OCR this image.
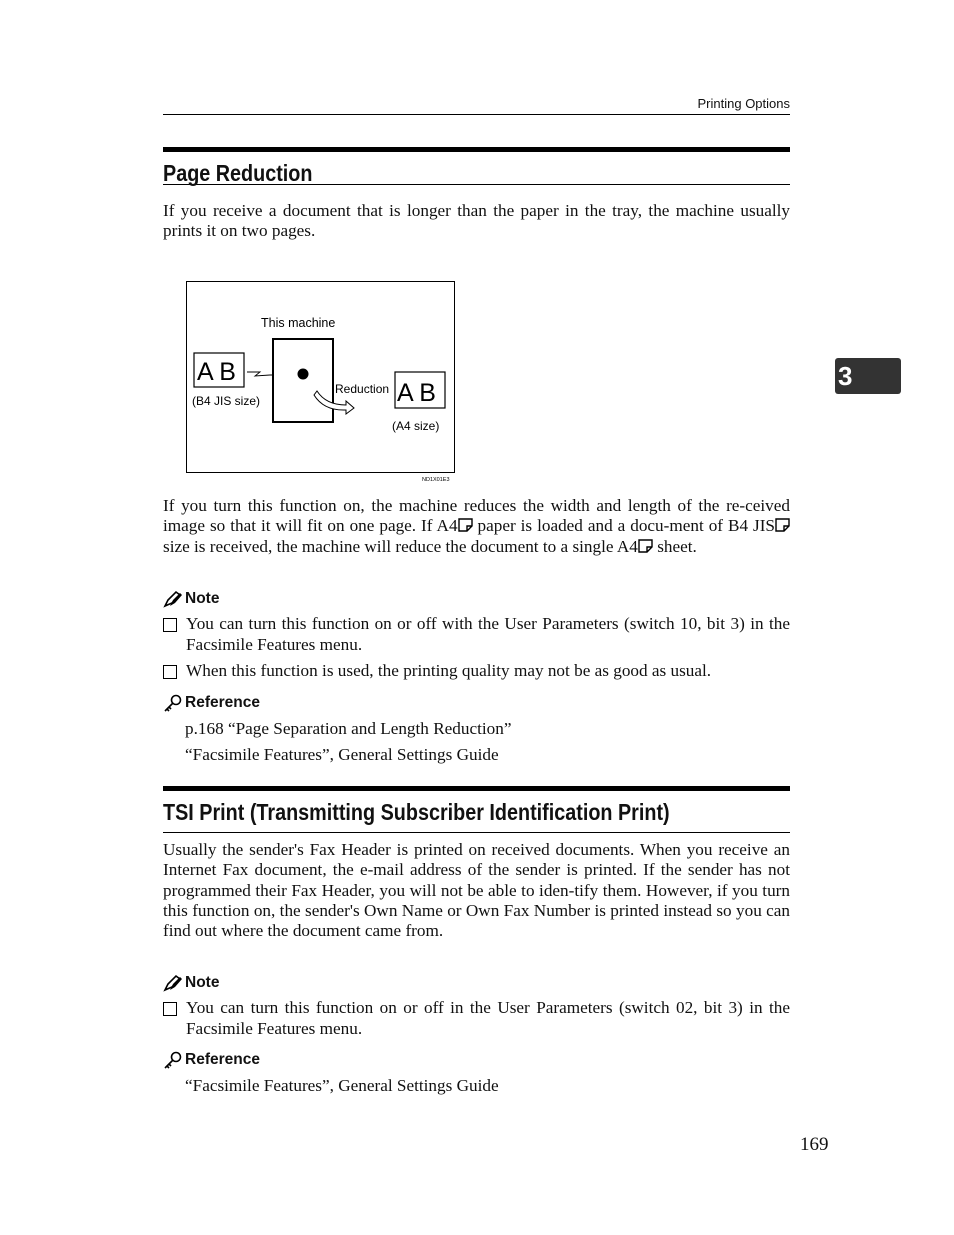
Printing Options
3
Page Reduction

If you receive a document that is longer than the paper in the tray, the machine usually prints it on two pages.

This machine
A B
(B4 JIS size)
Reduction A B
(A4 size)
ND1X01E3

If you turn this function on, the machine reduces the width and length of the re-ceived image so that it will fit on one page. If A4 paper is loaded and a docu-ment of B4 JIS size is received, the machine will reduce the document to a single A4 sheet.

Note
You can turn this function on or off with the User Parameters (switch 10, bit 3) in the Facsimile Features menu.
When this function is used, the printing quality may not be as good as usual.
Reference
p.168 “Page Separation and Length Reduction”
“Facsimile Features”, General Settings Guide
TSI Print (Transmitting Subscriber Identification Print)

Usually the sender's Fax Header is printed on received documents. When you receive an Internet Fax document, the e-mail address of the sender is printed. If the sender has not programmed their Fax Header, you will not be able to iden-tify them. However, if you turn this function on, the sender's Own Name or Own Fax Number is printed instead so you can find out where the document came from.

Note
You can turn this function on or off in the User Parameters (switch 02, bit 3) in the Facsimile Features menu.
Reference
“Facsimile Features”, General Settings Guide
169
